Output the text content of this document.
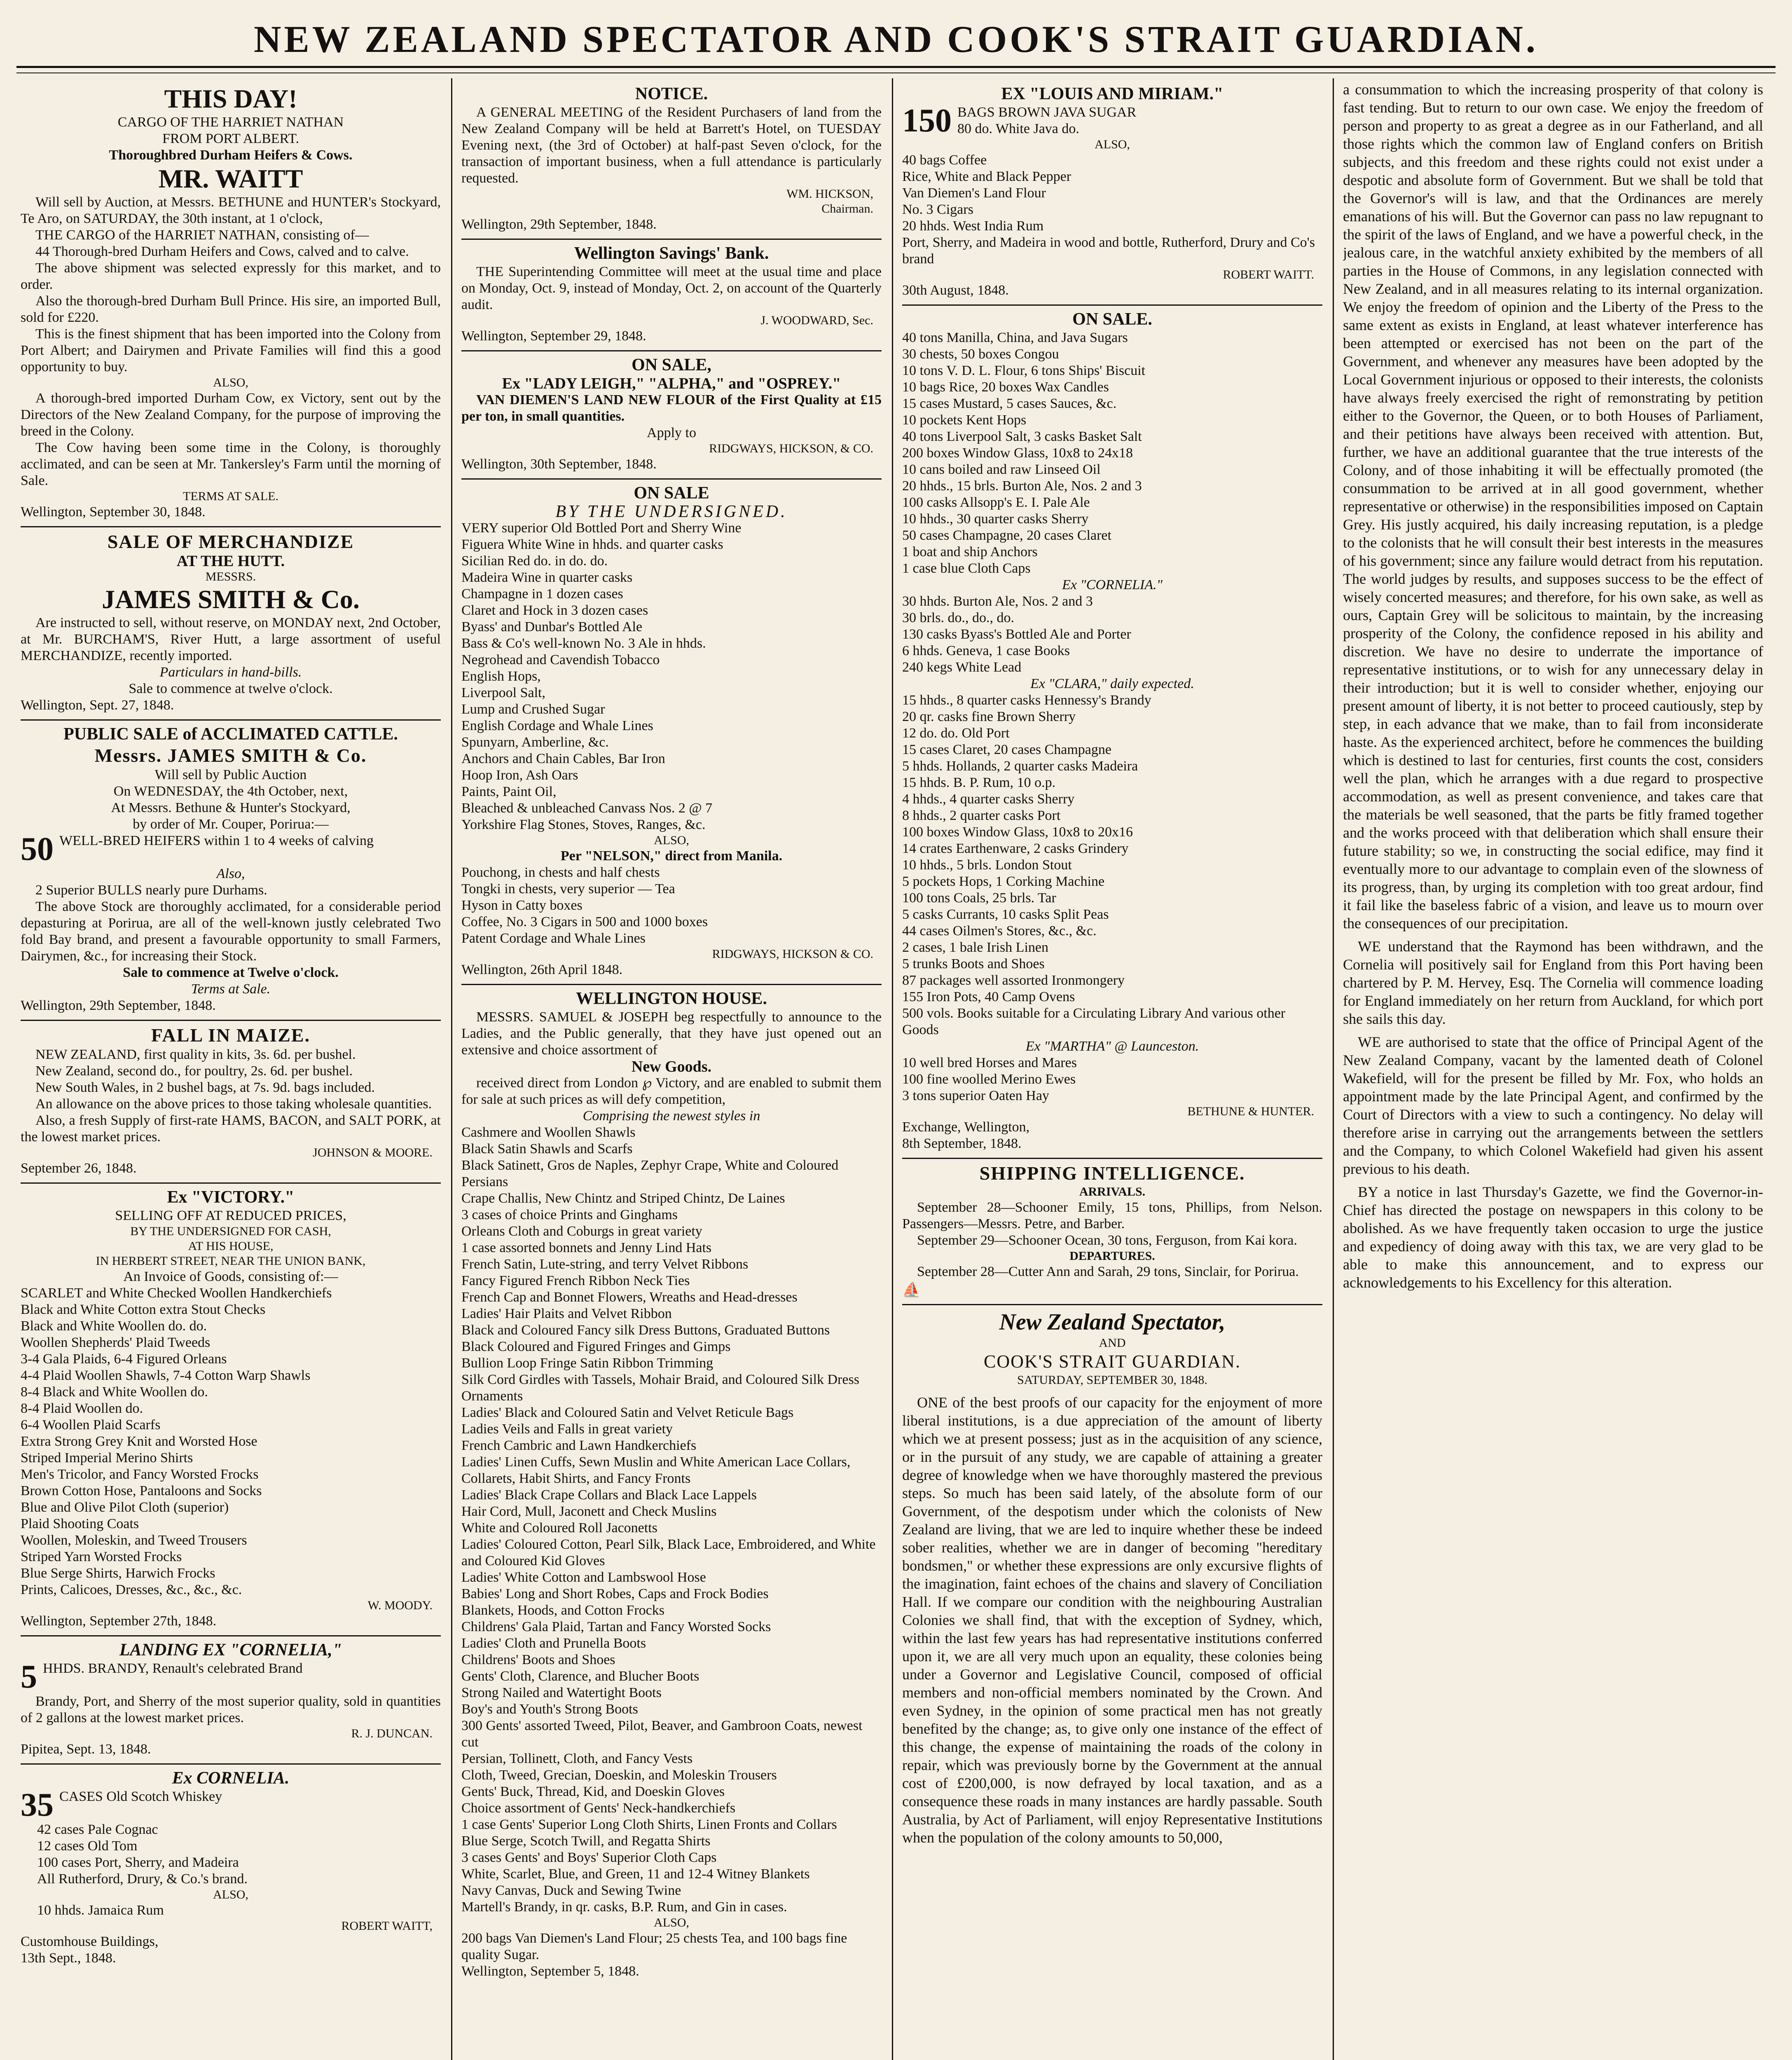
NEW ZEALAND SPECTATOR AND COOK'S STRAIT GUARDIAN.
THIS DAY!
CARGO OF THE HARRIET NATHAN
FROM PORT ALBERT.
Thoroughbred Durham Heifers & Cows.
MR. WAITT

Will sell by Auction, at Messrs. BETHUNE and HUNTER's Stockyard, Te Aro, on SATURDAY, the 30th instant, at 1 o'clock,

THE CARGO of the HARRIET NATHAN, consisting of—

44 Thorough-bred Durham Heifers and Cows, calved and to calve.

The above shipment was selected expressly for this market, and to order.

Also the thorough-bred Durham Bull Prince. His sire, an imported Bull, sold for £220.

This is the finest shipment that has been imported into the Colony from Port Albert; and Dairymen and Private Families will find this a good opportunity to buy.

ALSO,

A thorough-bred imported Durham Cow, ex Victory, sent out by the Directors of the New Zealand Company, for the purpose of improving the breed in the Colony.

The Cow having been some time in the Colony, is thoroughly acclimated, and can be seen at Mr. Tankersley's Farm until the morning of Sale.

TERMS AT SALE.
Wellington, September 30, 1848.
SALE OF MERCHANDIZE
AT THE HUTT.
MESSRS.
JAMES SMITH & Co.

Are instructed to sell, without reserve, on MONDAY next, 2nd October, at Mr. BURCHAM'S, River Hutt, a large assortment of useful MERCHANDIZE, recently imported.

Particulars in hand-bills.
Sale to commence at twelve o'clock.
Wellington, Sept. 27, 1848.
PUBLIC SALE of ACCLIMATED CATTLE.
Messrs. JAMES SMITH & Co.
Will sell by Public Auction
On WEDNESDAY, the 4th October, next,
At Messrs. Bethune & Hunter's Stockyard,
by order of Mr. Couper, Porirua:—
50 WELL-BRED HEIFERS within 1 to 4 weeks of calving
Also,

2 Superior BULLS nearly pure Durhams.

The above Stock are thoroughly acclimated, for a considerable period depasturing at Porirua, are all of the well-known justly celebrated Two fold Bay brand, and present a favourable opportunity to small Farmers, Dairymen, &c., for increasing their Stock.

Sale to commence at Twelve o'clock.
Terms at Sale.
Wellington, 29th September, 1848.
FALL IN MAIZE.

NEW ZEALAND, first quality in kits, 3s. 6d. per bushel.

New Zealand, second do., for poultry, 2s. 6d. per bushel.

New South Wales, in 2 bushel bags, at 7s. 9d. bags included.

An allowance on the above prices to those taking wholesale quantities.

Also, a fresh Supply of first-rate HAMS, BACON, and SALT PORK, at the lowest market prices.

JOHNSON & MOORE.
September 26, 1848.
Ex "VICTORY."
SELLING OFF AT REDUCED PRICES,
BY THE UNDERSIGNED FOR CASH,
AT HIS HOUSE,
IN HERBERT STREET, NEAR THE UNION BANK,
An Invoice of Goods, consisting of:—
SCARLET and White Checked Woollen Handkerchiefs
Black and White Cotton extra Stout Checks
Black and White Woollen do. do.
Woollen Shepherds' Plaid Tweeds
3-4 Gala Plaids, 6-4 Figured Orleans
4-4 Plaid Woollen Shawls, 7-4 Cotton Warp Shawls
8-4 Black and White Woollen do.
8-4 Plaid Woollen do.
6-4 Woollen Plaid Scarfs
Extra Strong Grey Knit and Worsted Hose
Striped Imperial Merino Shirts
Men's Tricolor, and Fancy Worsted Frocks
Brown Cotton Hose, Pantaloons and Socks
Blue and Olive Pilot Cloth (superior)
Plaid Shooting Coats
Woollen, Moleskin, and Tweed Trousers
Striped Yarn Worsted Frocks
Blue Serge Shirts, Harwich Frocks
Prints, Calicoes, Dresses, &c., &c., &c.
W. MOODY.
Wellington, September 27th, 1848.
LANDING EX "CORNELIA,"
5 HHDS. BRANDY, Renault's celebrated Brand

Brandy, Port, and Sherry of the most superior quality, sold in quantities of 2 gallons at the lowest market prices.

R. J. DUNCAN.
Pipitea, Sept. 13, 1848.
Ex CORNELIA.
35 CASES Old Scotch Whiskey
42 cases Pale Cognac
12 cases Old Tom
100 cases Port, Sherry, and Madeira
All Rutherford, Drury, & Co.'s brand.
ALSO,
10 hhds. Jamaica Rum
ROBERT WAITT,
Customhouse Buildings,
13th Sept., 1848.
NOTICE.

A GENERAL MEETING of the Resident Purchasers of land from the New Zealand Company will be held at Barrett's Hotel, on TUESDAY Evening next, (the 3rd of October) at half-past Seven o'clock, for the transaction of important business, when a full attendance is particularly requested.

WM. HICKSON,
Chairman.
Wellington, 29th September, 1848.
Wellington Savings' Bank.

THE Superintending Committee will meet at the usual time and place on Monday, Oct. 9, instead of Monday, Oct. 2, on account of the Quarterly audit.

J. WOODWARD, Sec.
Wellington, September 29, 1848.
ON SALE,
Ex "LADY LEIGH," "ALPHA," and "OSPREY."

VAN DIEMEN'S LAND NEW FLOUR of the First Quality at £15 per ton, in small quantities.

Apply to
RIDGWAYS, HICKSON, & CO.
Wellington, 30th September, 1848.
ON SALE
BY THE UNDERSIGNED.
VERY superior Old Bottled Port and Sherry Wine
Figuera White Wine in hhds. and quarter casks
Sicilian Red do. in do. do.
Madeira Wine in quarter casks
Champagne in 1 dozen cases
Claret and Hock in 3 dozen cases
Byass' and Dunbar's Bottled Ale
Bass & Co's well-known No. 3 Ale in hhds.
Negrohead and Cavendish Tobacco
English Hops,
Liverpool Salt,
Lump and Crushed Sugar
English Cordage and Whale Lines
Spunyarn, Amberline, &c.
Anchors and Chain Cables, Bar Iron
Hoop Iron, Ash Oars
Paints, Paint Oil,
Bleached & unbleached Canvass Nos. 2 @ 7
Yorkshire Flag Stones, Stoves, Ranges, &c.
ALSO,
Per "NELSON," direct from Manila.
Pouchong, in chests and half chests
Tongki in chests, very superior — Tea
Hyson in Catty boxes
Coffee, No. 3 Cigars in 500 and 1000 boxes
Patent Cordage and Whale Lines
RIDGWAYS, HICKSON & CO.
Wellington, 26th April 1848.
WELLINGTON HOUSE.

MESSRS. SAMUEL & JOSEPH beg respectfully to announce to the Ladies, and the Public generally, that they have just opened out an extensive and choice assortment of

New Goods.

received direct from London ℘ Victory, and are enabled to submit them for sale at such prices as will defy competition,

Comprising the newest styles in
Cashmere and Woollen Shawls
Black Satin Shawls and Scarfs
Black Satinett, Gros de Naples, Zephyr Crape, White and Coloured Persians
Crape Challis, New Chintz and Striped Chintz, De Laines
3 cases of choice Prints and Ginghams
Orleans Cloth and Coburgs in great variety
1 case assorted bonnets and Jenny Lind Hats
French Satin, Lute-string, and terry Velvet Ribbons
Fancy Figured French Ribbon Neck Ties
French Cap and Bonnet Flowers, Wreaths and Head-dresses
Ladies' Hair Plaits and Velvet Ribbon
Black and Coloured Fancy silk Dress Buttons, Graduated Buttons
Black Coloured and Figured Fringes and Gimps
Bullion Loop Fringe Satin Ribbon Trimming
Silk Cord Girdles with Tassels, Mohair Braid, and Coloured Silk Dress Ornaments
Ladies' Black and Coloured Satin and Velvet Reticule Bags
Ladies Veils and Falls in great variety
French Cambric and Lawn Handkerchiefs
Ladies' Linen Cuffs, Sewn Muslin and White American Lace Collars, Collarets, Habit Shirts, and Fancy Fronts
Ladies' Black Crape Collars and Black Lace Lappels
Hair Cord, Mull, Jaconett and Check Muslins
White and Coloured Roll Jaconetts
Ladies' Coloured Cotton, Pearl Silk, Black Lace, Embroidered, and White and Coloured Kid Gloves
Ladies' White Cotton and Lambswool Hose
Babies' Long and Short Robes, Caps and Frock Bodies
Blankets, Hoods, and Cotton Frocks
Childrens' Gala Plaid, Tartan and Fancy Worsted Socks
Ladies' Cloth and Prunella Boots
Childrens' Boots and Shoes
Gents' Cloth, Clarence, and Blucher Boots
Strong Nailed and Watertight Boots
Boy's and Youth's Strong Boots
300 Gents' assorted Tweed, Pilot, Beaver, and Gambroon Coats, newest cut
Persian, Tollinett, Cloth, and Fancy Vests
Cloth, Tweed, Grecian, Doeskin, and Moleskin Trousers
Gents' Buck, Thread, Kid, and Doeskin Gloves
Choice assortment of Gents' Neck-handkerchiefs
1 case Gents' Superior Long Cloth Shirts, Linen Fronts and Collars
Blue Serge, Scotch Twill, and Regatta Shirts
3 cases Gents' and Boys' Superior Cloth Caps
White, Scarlet, Blue, and Green, 11 and 12-4 Witney Blankets
Navy Canvas, Duck and Sewing Twine
Martell's Brandy, in qr. casks, B.P. Rum, and Gin in cases.
ALSO,
200 bags Van Diemen's Land Flour; 25 chests Tea, and 100 bags fine quality Sugar.
Wellington, September 5, 1848.
EX "LOUIS AND MIRIAM."
150 BAGS BROWN JAVA SUGAR
80 do. White Java do.
ALSO,
40 bags Coffee
Rice, White and Black Pepper
Van Diemen's Land Flour
No. 3 Cigars
20 hhds. West India Rum
Port, Sherry, and Madeira in wood and bottle, Rutherford, Drury and Co's brand
ROBERT WAITT.
30th August, 1848.
ON SALE.
40 tons Manilla, China, and Java Sugars
30 chests, 50 boxes Congou
10 tons V. D. L. Flour, 6 tons Ships' Biscuit
10 bags Rice, 20 boxes Wax Candles
15 cases Mustard, 5 cases Sauces, &c.
10 pockets Kent Hops
40 tons Liverpool Salt, 3 casks Basket Salt
200 boxes Window Glass, 10x8 to 24x18
10 cans boiled and raw Linseed Oil
20 hhds., 15 brls. Burton Ale, Nos. 2 and 3
100 casks Allsopp's E. I. Pale Ale
10 hhds., 30 quarter casks Sherry
50 cases Champagne, 20 cases Claret
1 boat and ship Anchors
1 case blue Cloth Caps
Ex "CORNELIA."
30 hhds. Burton Ale, Nos. 2 and 3
30 brls. do., do., do.
130 casks Byass's Bottled Ale and Porter
6 hhds. Geneva, 1 case Books
240 kegs White Lead
Ex "CLARA," daily expected.
15 hhds., 8 quarter casks Hennessy's Brandy
20 qr. casks fine Brown Sherry
12 do. do. Old Port
15 cases Claret, 20 cases Champagne
5 hhds. Hollands, 2 quarter casks Madeira
15 hhds. B. P. Rum, 10 o.p.
4 hhds., 4 quarter casks Sherry
8 hhds., 2 quarter casks Port
100 boxes Window Glass, 10x8 to 20x16
14 crates Earthenware, 2 casks Grindery
10 hhds., 5 brls. London Stout
5 pockets Hops, 1 Corking Machine
100 tons Coals, 25 brls. Tar
5 casks Currants, 10 casks Split Peas
44 cases Oilmen's Stores, &c., &c.
2 cases, 1 bale Irish Linen
5 trunks Boots and Shoes
87 packages well assorted Ironmongery
155 Iron Pots, 40 Camp Ovens
500 vols. Books suitable for a Circulating Library And various other Goods
Ex "MARTHA" @ Launceston.
10 well bred Horses and Mares
100 fine woolled Merino Ewes
3 tons superior Oaten Hay
BETHUNE & HUNTER.
Exchange, Wellington,
8th September, 1848.
SHIPPING INTELLIGENCE.
ARRIVALS.

September 28—Schooner Emily, 15 tons, Phillips, from Nelson. Passengers—Messrs. Petre, and Barber.

September 29—Schooner Ocean, 30 tons, Ferguson, from Kai kora.

DEPARTURES.

September 28—Cutter Ann and Sarah, 29 tons, Sinclair, for Porirua.

⛵
New Zealand Spectator,
AND
COOK'S STRAIT GUARDIAN.
SATURDAY, SEPTEMBER 30, 1848.

ONE of the best proofs of our capacity for the enjoyment of more liberal institutions, is a due appreciation of the amount of liberty which we at present possess; just as in the acquisition of any science, or in the pursuit of any study, we are capable of attaining a greater degree of knowledge when we have thoroughly mastered the previous steps. So much has been said lately, of the absolute form of our Government, of the despotism under which the colonists of New Zealand are living, that we are led to inquire whether these be indeed sober realities, whether we are in danger of becoming "hereditary bondsmen," or whether these expressions are only excursive flights of the imagination, faint echoes of the chains and slavery of Conciliation Hall. If we compare our condition with the neighbouring Australian Colonies we shall find, that with the exception of Sydney, which, within the last few years has had representative institutions conferred upon it, we are all very much upon an equality, these colonies being under a Governor and Legislative Council, composed of official members and non-official members nominated by the Crown. And even Sydney, in the opinion of some practical men has not greatly benefited by the change; as, to give only one instance of the effect of this change, the expense of maintaining the roads of the colony in repair, which was previously borne by the Government at the annual cost of £200,000, is now defrayed by local taxation, and as a consequence these roads in many instances are hardly passable. South Australia, by Act of Parliament, will enjoy Representative Institutions when the population of the colony amounts to 50,000,

a consummation to which the increasing prosperity of that colony is fast tending. But to return to our own case. We enjoy the freedom of person and property to as great a degree as in our Fatherland, and all those rights which the common law of England confers on British subjects, and this freedom and these rights could not exist under a despotic and absolute form of Government. But we shall be told that the Governor's will is law, and that the Ordinances are merely emanations of his will. But the Governor can pass no law repugnant to the spirit of the laws of England, and we have a powerful check, in the jealous care, in the watchful anxiety exhibited by the members of all parties in the House of Commons, in any legislation connected with New Zealand, and in all measures relating to its internal organization. We enjoy the freedom of opinion and the Liberty of the Press to the same extent as exists in England, at least whatever interference has been attempted or exercised has not been on the part of the Government, and whenever any measures have been adopted by the Local Government injurious or opposed to their interests, the colonists have always freely exercised the right of remonstrating by petition either to the Governor, the Queen, or to both Houses of Parliament, and their petitions have always been received with attention. But, further, we have an additional guarantee that the true interests of the Colony, and of those inhabiting it will be effectually promoted (the consummation to be arrived at in all good government, whether representative or otherwise) in the responsibilities imposed on Captain Grey. His justly acquired, his daily increasing reputation, is a pledge to the colonists that he will consult their best interests in the measures of his government; since any failure would detract from his reputation. The world judges by results, and supposes success to be the effect of wisely concerted measures; and therefore, for his own sake, as well as ours, Captain Grey will be solicitous to maintain, by the increasing prosperity of the Colony, the confidence reposed in his ability and discretion. We have no desire to underrate the importance of representative institutions, or to wish for any unnecessary delay in their introduction; but it is well to consider whether, enjoying our present amount of liberty, it is not better to proceed cautiously, step by step, in each advance that we make, than to fail from inconsiderate haste. As the experienced architect, before he commences the building which is destined to last for centuries, first counts the cost, considers well the plan, which he arranges with a due regard to prospective accommodation, as well as present convenience, and takes care that the materials be well seasoned, that the parts be fitly framed together and the works proceed with that deliberation which shall ensure their future stability; so we, in constructing the social edifice, may find it eventually more to our advantage to complain even of the slowness of its progress, than, by urging its completion with too great ardour, find it fail like the baseless fabric of a vision, and leave us to mourn over the consequences of our precipitation.

WE understand that the Raymond has been withdrawn, and the Cornelia will positively sail for England from this Port having been chartered by P. M. Hervey, Esq. The Cornelia will commence loading for England immediately on her return from Auckland, for which port she sails this day.

WE are authorised to state that the office of Principal Agent of the New Zealand Company, vacant by the lamented death of Colonel Wakefield, will for the present be filled by Mr. Fox, who holds an appointment made by the late Principal Agent, and confirmed by the Court of Directors with a view to such a contingency. No delay will therefore arise in carrying out the arrangements between the settlers and the Company, to which Colonel Wakefield had given his assent previous to his death.

BY a notice in last Thursday's Gazette, we find the Governor-in-Chief has directed the postage on newspapers in this colony to be abolished. As we have frequently taken occasion to urge the justice and expediency of doing away with this tax, we are very glad to be able to make this announcement, and to express our acknowledgements to his Excellency for this alteration.
